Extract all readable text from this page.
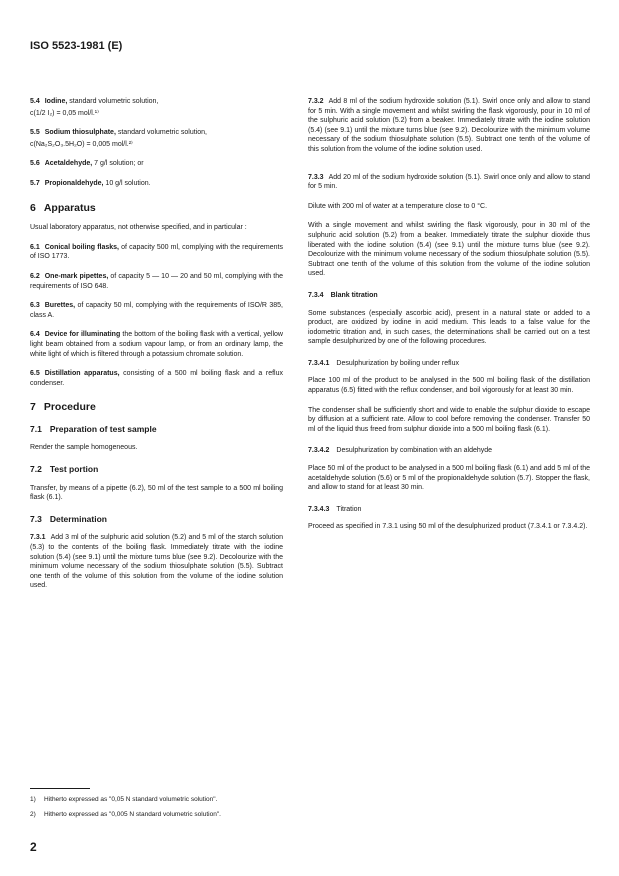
ISO 5523-1981 (E)

5.4 Iodine, standard volumetric solution,
c(1/2 I₂) = 0,05 mol/l.¹⁾

5.5 Sodium thiosulphate, standard volumetric solution,
c(Na₂S₂O₃.5H₂O) = 0,005 mol/l.²⁾

5.6 Acetaldehyde, 7 g/l solution; or

5.7 Propionaldehyde, 10 g/l solution.

6 Apparatus

Usual laboratory apparatus, not otherwise specified, and in particular :

6.1 Conical boiling flasks, of capacity 500 ml, complying with the requirements of ISO 1773.

6.2 One-mark pipettes, of capacity 5 — 10 — 20 and 50 ml, complying with the requirements of ISO 648.

6.3 Burettes, of capacity 50 ml, complying with the requirements of ISO/R 385, class A.

6.4 Device for illuminating the bottom of the boiling flask with a vertical, yellow light beam obtained from a sodium vapour lamp, or from an ordinary lamp, the white light of which is filtered through a potassium chromate solution.

6.5 Distillation apparatus, consisting of a 500 ml boiling flask and a reflux condenser.

7 Procedure
7.1 Preparation of test sample

Render the sample homogeneous.

7.2 Test portion

Transfer, by means of a pipette (6.2), 50 ml of the test sample to a 500 ml boiling flask (6.1).

7.3 Determination

7.3.1 Add 3 ml of the sulphuric acid solution (5.2) and 5 ml of the starch solution (5.3) to the contents of the boiling flask. Immediately titrate with the iodine solution (5.4) (see 9.1) until the mixture turns blue (see 9.2). Decolourize with the minimum volume necessary of the sodium thiosulphate solution (5.5). Subtract one tenth of the volume of this solution from the volume of the iodine solution used.

7.3.2 Add 8 ml of the sodium hydroxide solution (5.1). Swirl once only and allow to stand for 5 min. With a single movement and whilst swirling the flask vigorously, pour in 10 ml of the sulphuric acid solution (5.2) from a beaker. Immediately titrate with the iodine solution (5.4) (see 9.1) until the mixture turns blue (see 9.2). Decolourize with the minimum volume necessary of the sodium thiosulphate solution (5.5). Subtract one tenth of the volume of this solution from the volume of the iodine solution used.

7.3.3 Add 20 ml of the sodium hydroxide solution (5.1). Swirl once only and allow to stand for 5 min.

Dilute with 200 ml of water at a temperature close to 0 °C.

With a single movement and whilst swirling the flask vigorously, pour in 30 ml of the sulphuric acid solution (5.2) from a beaker. Immediately titrate the sulphur dioxide thus liberated with the iodine solution (5.4) (see 9.1) until the mixture turns blue (see 9.2). Decolourize with the minimum volume necessary of the sodium thiosulphate solution (5.5). Subtract one tenth of the volume of this solution from the volume of the iodine solution used.

7.3.4 Blank titration

Some substances (especially ascorbic acid), present in a natural state or added to a product, are oxidized by iodine in acid medium. This leads to a false value for the iodometric titration and, in such cases, the determinations shall be carried out on a test sample desulphurized by one of the following procedures.

7.3.4.1 Desulphurization by boiling under reflux

Place 100 ml of the product to be analysed in the 500 ml boiling flask of the distillation apparatus (6.5) fitted with the reflux condenser, and boil vigorously for at least 30 min.

The condenser shall be sufficiently short and wide to enable the sulphur dioxide to escape by diffusion at a sufficient rate. Allow to cool before removing the condenser. Transfer 50 ml of the liquid thus freed from sulphur dioxide into a 500 ml boiling flask (6.1).

7.3.4.2 Desulphurization by combination with an aldehyde

Place 50 ml of the product to be analysed in a 500 ml boiling flask (6.1) and add 5 ml of the acetaldehyde solution (5.6) or 5 ml of the propionaldehyde solution (5.7). Stopper the flask, and allow to stand for at least 30 min.

7.3.4.3 Titration

Proceed as specified in 7.3.1 using 50 ml of the desulphurized product (7.3.4.1 or 7.3.4.2).

1) Hitherto expressed as "0,05 N standard volumetric solution".
2) Hitherto expressed as "0,005 N standard volumetric solution".
2
